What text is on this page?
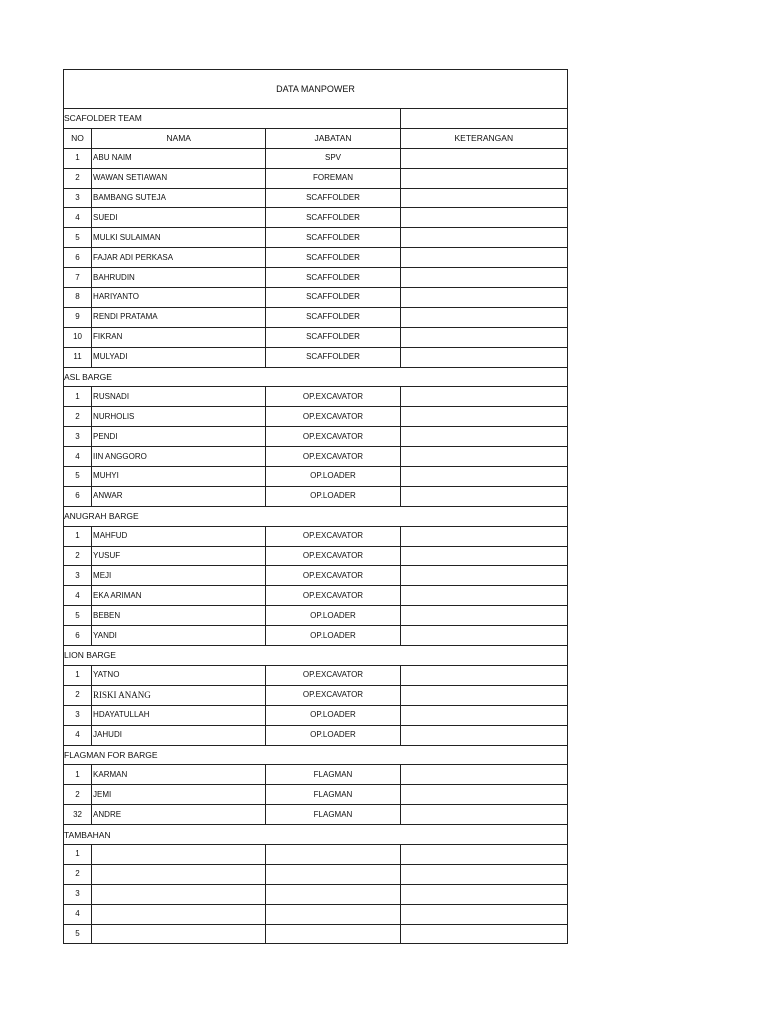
DATA MANPOWER			
SCAFOLDER TEAM			
NO	NAMA	JABATAN	KETERANGAN
1	ABU NAIM	SPV	
2	WAWAN SETIAWAN	FOREMAN	
3	BAMBANG SUTEJA	SCAFFOLDER	
4	SUEDI	SCAFFOLDER	
5	MULKI SULAIMAN	SCAFFOLDER	
6	FAJAR ADI PERKASA	SCAFFOLDER	
7	BAHRUDIN	SCAFFOLDER	
8	HARIYANTO	SCAFFOLDER	
9	RENDI PRATAMA	SCAFFOLDER	
10	FIKRAN	SCAFFOLDER	
11	MULYADI	SCAFFOLDER	
ASL BARGE			
1	RUSNADI	OP.EXCAVATOR	
2	NURHOLIS	OP.EXCAVATOR	
3	PENDI	OP.EXCAVATOR	
4	IIN ANGGORO	OP.EXCAVATOR	
5	MUHYI	OP.LOADER	
6	ANWAR	OP.LOADER	
ANUGRAH BARGE			
1	MAHFUD	OP.EXCAVATOR	
2	YUSUF	OP.EXCAVATOR	
3	MEJI	OP.EXCAVATOR	
4	EKA ARIMAN	OP.EXCAVATOR	
5	BEBEN	OP.LOADER	
6	YANDI	OP.LOADER	
LION BARGE			
1	YATNO	OP.EXCAVATOR	
2	RISKI ANANG	OP.EXCAVATOR	
3	HDAYATULLAH	OP.LOADER	
4	JAHUDI	OP.LOADER	
FLAGMAN FOR BARGE			
1	KARMAN	FLAGMAN	
2	JEMI	FLAGMAN	
32	ANDRE	FLAGMAN	
TAMBAHAN			
1			
2			
3			
4			
5			
